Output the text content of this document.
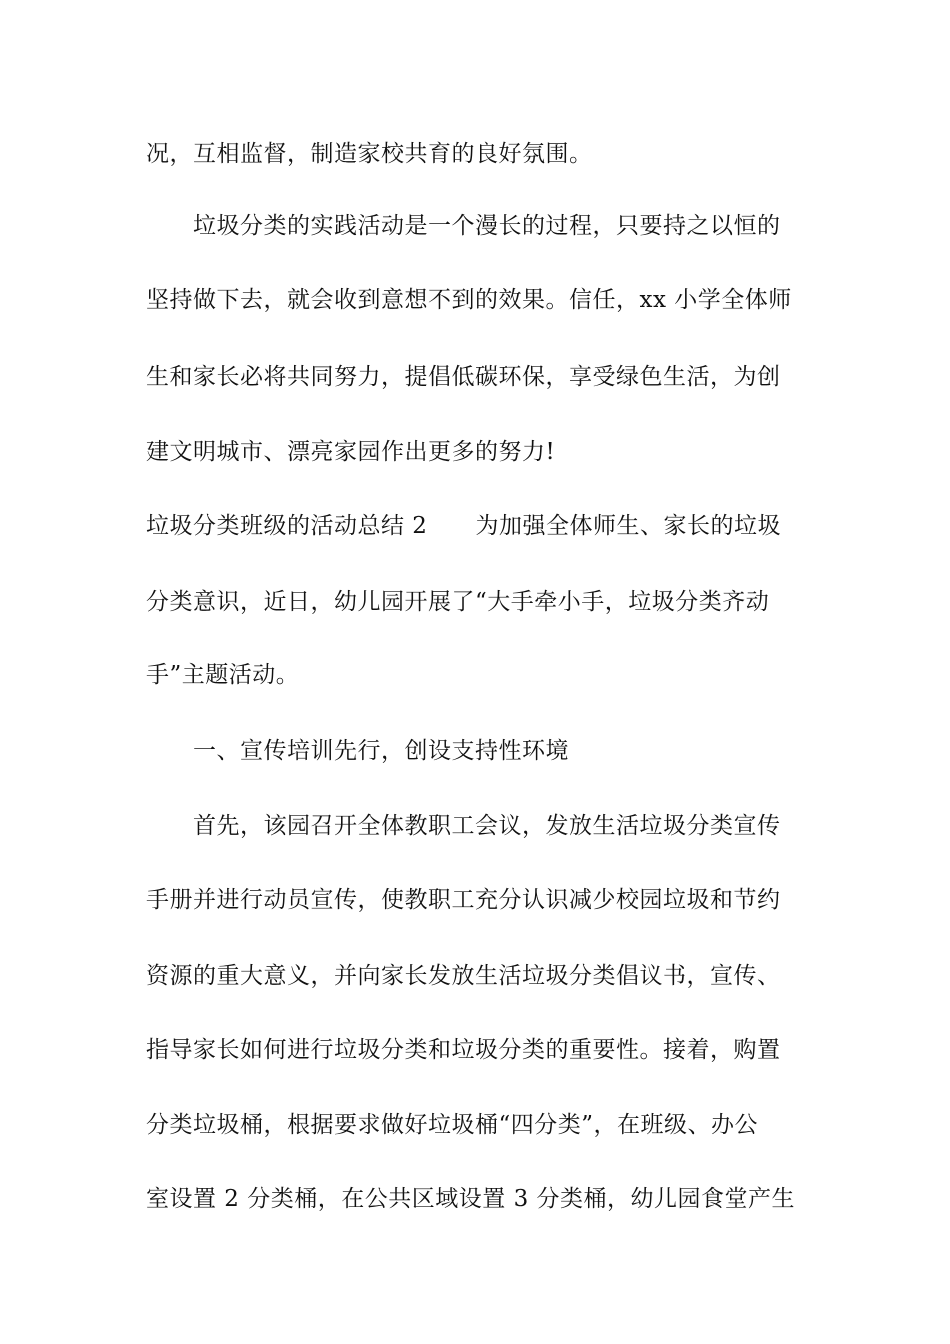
况，互相监督，制造家校共育的良好氛围。
垃圾分类的实践活动是一个漫长的过程，只要持之以恒的
坚持做下去，就会收到意想不到的效果。信任，xx 小学全体师
生和家长必将共同努力，提倡低碳环保，享受绿色生活，为创
建文明城市、漂亮家园作出更多的努力!
垃圾分类班级的活动总结 2 为加强全体师生、家长的垃圾
分类意识，近日，幼儿园开展了“大手牵小手，垃圾分类齐动
手”主题活动。
一、宣传培训先行，创设支持性环境
首先，该园召开全体教职工会议，发放生活垃圾分类宣传
手册并进行动员宣传，使教职工充分认识减少校园垃圾和节约
资源的重大意义，并向家长发放生活垃圾分类倡议书，宣传、
指导家长如何进行垃圾分类和垃圾分类的重要性。接着，购置
分类垃圾桶，根据要求做好垃圾桶“四分类”，在班级、办公
室设置 2 分类桶，在公共区域设置 3 分类桶，幼儿园食堂产生
